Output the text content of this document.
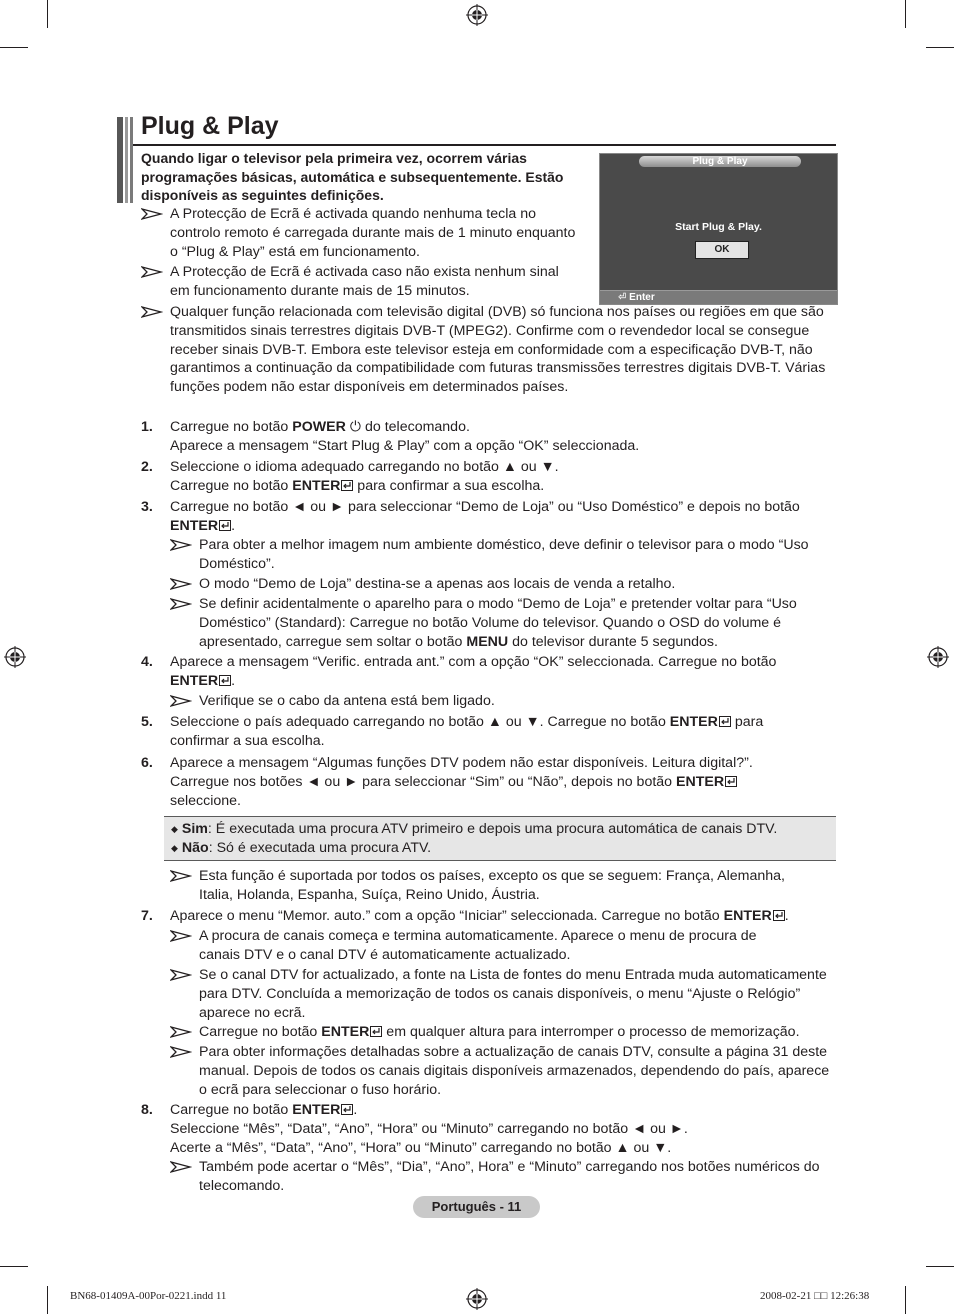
Plug & Play
Quando ligar o televisor pela primeira vez, ocorrem várias programações básicas, automática e subsequentemente. Estão disponíveis as seguintes definições.
Plug & Play
Start Plug & Play.
OK
⏎ Enter
A Protecção de Ecrã é activada quando nenhuma tecla no controlo remoto é carregada durante mais de 1 minuto enquanto o “Plug & Play” está em funcionamento.
A Protecção de Ecrã é activada caso não exista nenhum sinal em funcionamento durante mais de 15 minutos.
Qualquer função relacionada com televisão digital (DVB) só funciona nos países ou regiões em que são transmitidos sinais terrestres digitais DVB-T (MPEG2). Confirme com o revendedor local se consegue receber sinais DVB-T. Embora este televisor esteja em conformidade com a especificação DVB-T, não garantimos a continuação da compatibilidade com futuras transmissões terrestres digitais DVB-T. Várias funções podem não estar disponíveis em determinados países.
1. Carregue no botão POWER ⏻ do telecomando.
Aparece a mensagem “Start Plug & Play” com a opção “OK” seleccionada.
2. Seleccione o idioma adequado carregando no botão ▲ ou ▼.
Carregue no botão ENTER para confirmar a sua escolha.
3. Carregue no botão ◄ ou ► para seleccionar “Demo de Loja” ou “Uso Doméstico” e depois no botão
ENTER .
Para obter a melhor imagem num ambiente doméstico, deve definir o televisor para o modo “Uso Doméstico”.
O modo “Demo de Loja” destina-se a apenas aos locais de venda a retalho.
Se definir acidentalmente o aparelho para o modo “Demo de Loja” e pretender voltar para “Uso Doméstico” (Standard): Carregue no botão Volume do televisor. Quando o OSD do volume é apresentado, carregue sem soltar o botão MENU do televisor durante 5 segundos.
4. Aparece a mensagem “Verific. entrada ant.” com a opção “OK” seleccionada. Carregue no botão
ENTER .
Verifique se o cabo da antena está bem ligado.
5. Seleccione o país adequado carregando no botão ▲ ou ▼. Carregue no botão ENTER para confirmar a sua escolha.
6. Aparece a mensagem “Algumas funções DTV podem não estar disponíveis. Leitura digital?”.
Carregue nos botões ◄ ou ► para seleccionar “Sim” ou “Não”, depois no botão ENTER
seleccione.
◆ Sim: É executada uma procura ATV primeiro e depois uma procura automática de canais DTV.
◆ Não: Só é executada uma procura ATV.
Esta função é suportada por todos os países, excepto os que se seguem: França, Alemanha, Italia, Holanda, Espanha, Suíça, Reino Unido, Áustria.
7. Aparece o menu “Memor. auto.” com a opção “Iniciar” seleccionada. Carregue no botão ENTER .
A procura de canais começa e termina automaticamente. Aparece o menu de procura de canais DTV e o canal DTV é automaticamente actualizado.
Se o canal DTV for actualizado, a fonte na Lista de fontes do menu Entrada muda automaticamente para DTV. Concluída a memorização de todos os canais disponíveis, o menu “Ajuste o Relógio” aparece no ecrã.
Carregue no botão ENTER em qualquer altura para interromper o processo de memorização.
Para obter informações detalhadas sobre a actualização de canais DTV, consulte a página 31 deste manual. Depois de todos os canais digitais disponíveis armazenados, dependendo do país, aparece o ecrã para seleccionar o fuso horário.
8. Carregue no botão ENTER .
Seleccione “Mês”, “Data”, “Ano”, “Hora” ou “Minuto” carregando no botão ◄ ou ►.
Acerte a “Mês”, “Data”, “Ano”, “Hora” ou “Minuto” carregando no botão ▲ ou ▼.
Também pode acertar o “Mês”, “Dia”, “Ano”, Hora” e “Minuto” carregando nos botões numéricos do telecomando.
Português - 11
BN68-01409A-00Por-0221.indd 11	2008-02-21 □□ 12:26:38
